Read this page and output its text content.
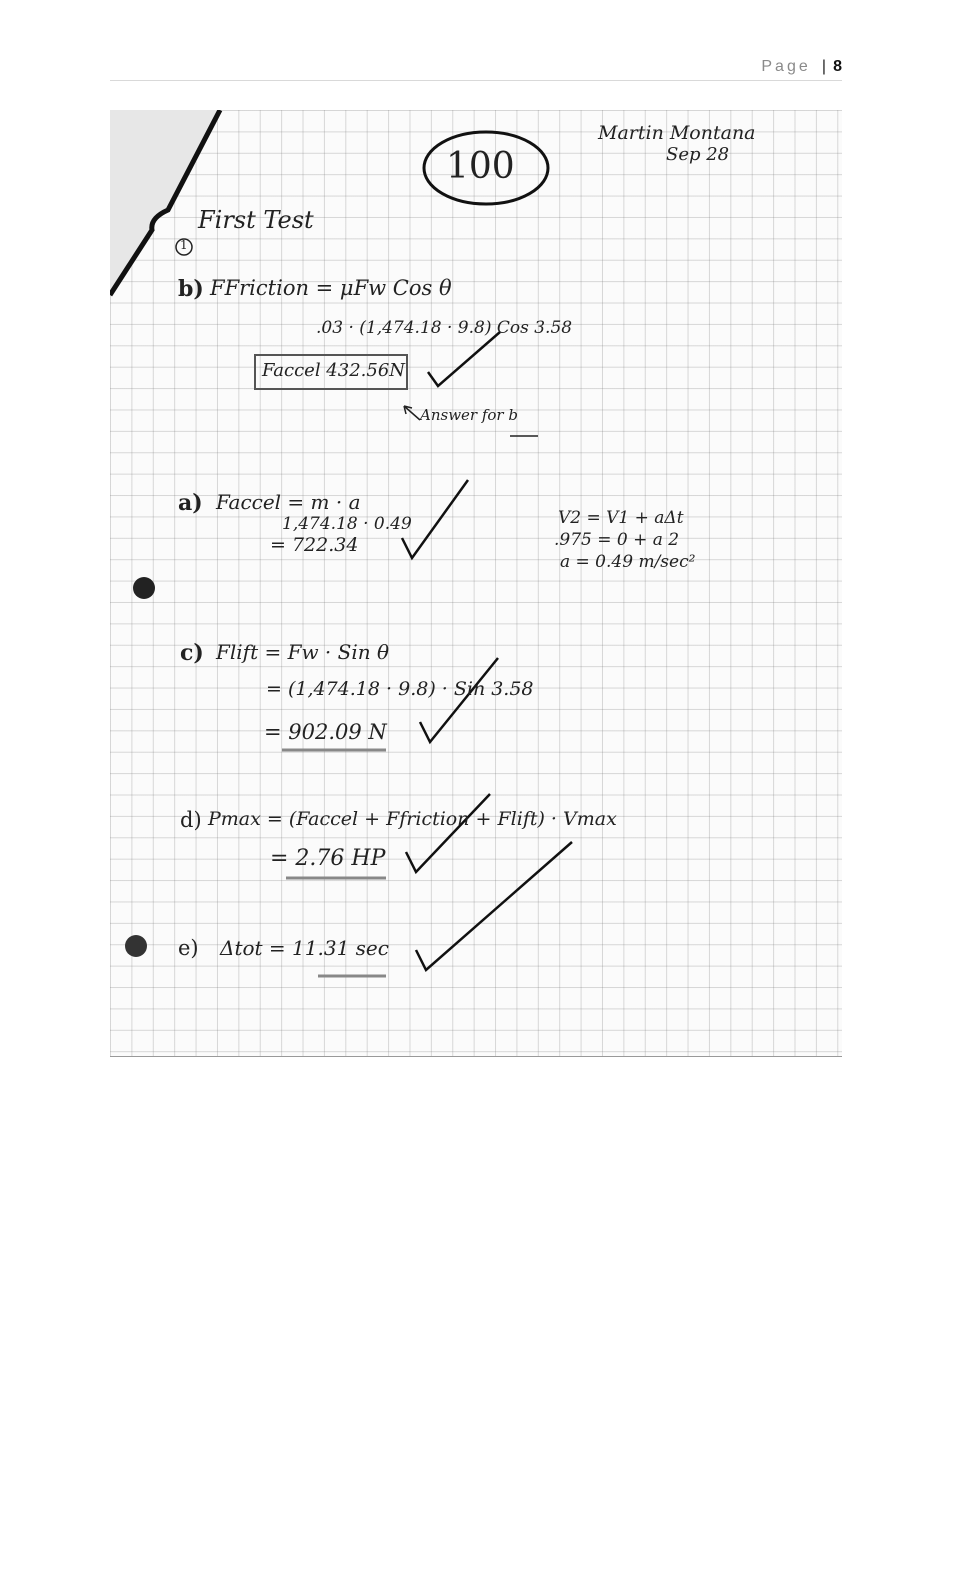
Page | 8
Martin Montana
Sep 28
100
First Test
1
b) FFriction = μFw Cos θ
.03 · (1,474.18 · 9.8) Cos 3.58
Faccel 432.56N
Answer for b
a) Faccel = m · a
1,474.18 · 0.49
= 722.34
V2 = V1 + aΔt
.975 = 0 + a 2
a = 0.49 m/sec²
c) Flift = Fw · Sin θ
= (1,474.18 · 9.8) · Sin 3.58
= 902.09 N
d) Pmax = (Faccel + Ffriction + Flift) · Vmax
= 2.76 HP
e) Δtot = 11.31 sec
